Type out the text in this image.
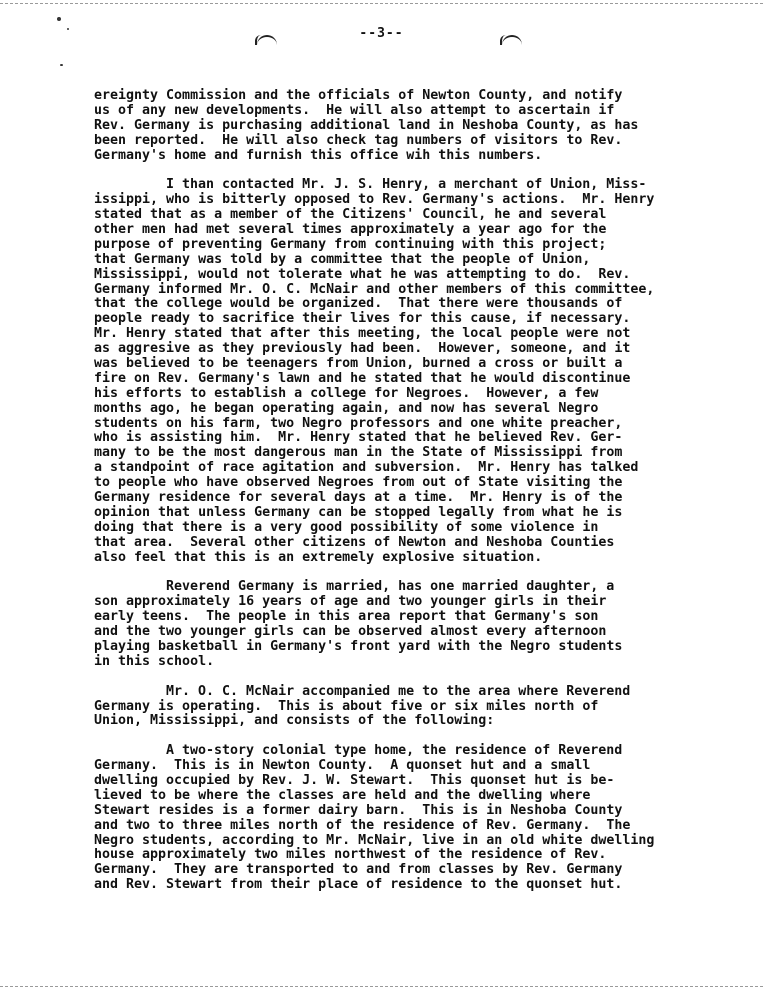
--3--
ereignty Commission and the officials of Newton County, and notify
us of any new developments.  He will also attempt to ascertain if
Rev. Germany is purchasing additional land in Neshoba County, as has
been reported.  He will also check tag numbers of visitors to Rev.
Germany's home and furnish this office wih this numbers.
I than contacted Mr. J. S. Henry, a merchant of Union, Miss-
issippi, who is bitterly opposed to Rev. Germany's actions.  Mr. Henry
stated that as a member of the Citizens' Council, he and several
other men had met several times approximately a year ago for the
purpose of preventing Germany from continuing with this project;
that Germany was told by a committee that the people of Union,
Mississippi, would not tolerate what he was attempting to do.  Rev.
Germany informed Mr. O. C. McNair and other members of this committee,
that the college would be organized.  That there were thousands of
people ready to sacrifice their lives for this cause, if necessary.
Mr. Henry stated that after this meeting, the local people were not
as aggresive as they previously had been.  However, someone, and it
was believed to be teenagers from Union, burned a cross or built a
fire on Rev. Germany's lawn and he stated that he would discontinue
his efforts to establish a college for Negroes.  However, a few
months ago, he began operating again, and now has several Negro
students on his farm, two Negro professors and one white preacher,
who is assisting him.  Mr. Henry stated that he believed Rev. Ger-
many to be the most dangerous man in the State of Mississippi from
a standpoint of race agitation and subversion.  Mr. Henry has talked
to people who have observed Negroes from out of State visiting the
Germany residence for several days at a time.  Mr. Henry is of the
opinion that unless Germany can be stopped legally from what he is
doing that there is a very good possibility of some violence in
that area.  Several other citizens of Newton and Neshoba Counties
also feel that this is an extremely explosive situation.
Reverend Germany is married, has one married daughter, a
son approximately 16 years of age and two younger girls in their
early teens.  The people in this area report that Germany's son
and the two younger girls can be observed almost every afternoon
playing basketball in Germany's front yard with the Negro students
in this school.
Mr. O. C. McNair accompanied me to the area where Reverend
Germany is operating.  This is about five or six miles north of
Union, Mississippi, and consists of the following:
A two-story colonial type home, the residence of Reverend
Germany.  This is in Newton County.  A quonset hut and a small
dwelling occupied by Rev. J. W. Stewart.  This quonset hut is be-
lieved to be where the classes are held and the dwelling where
Stewart resides is a former dairy barn.  This is in Neshoba County
and two to three miles north of the residence of Rev. Germany.  The
Negro students, according to Mr. McNair, live in an old white dwelling
house approximately two miles northwest of the residence of Rev.
Germany.  They are transported to and from classes by Rev. Germany
and Rev. Stewart from their place of residence to the quonset hut.
